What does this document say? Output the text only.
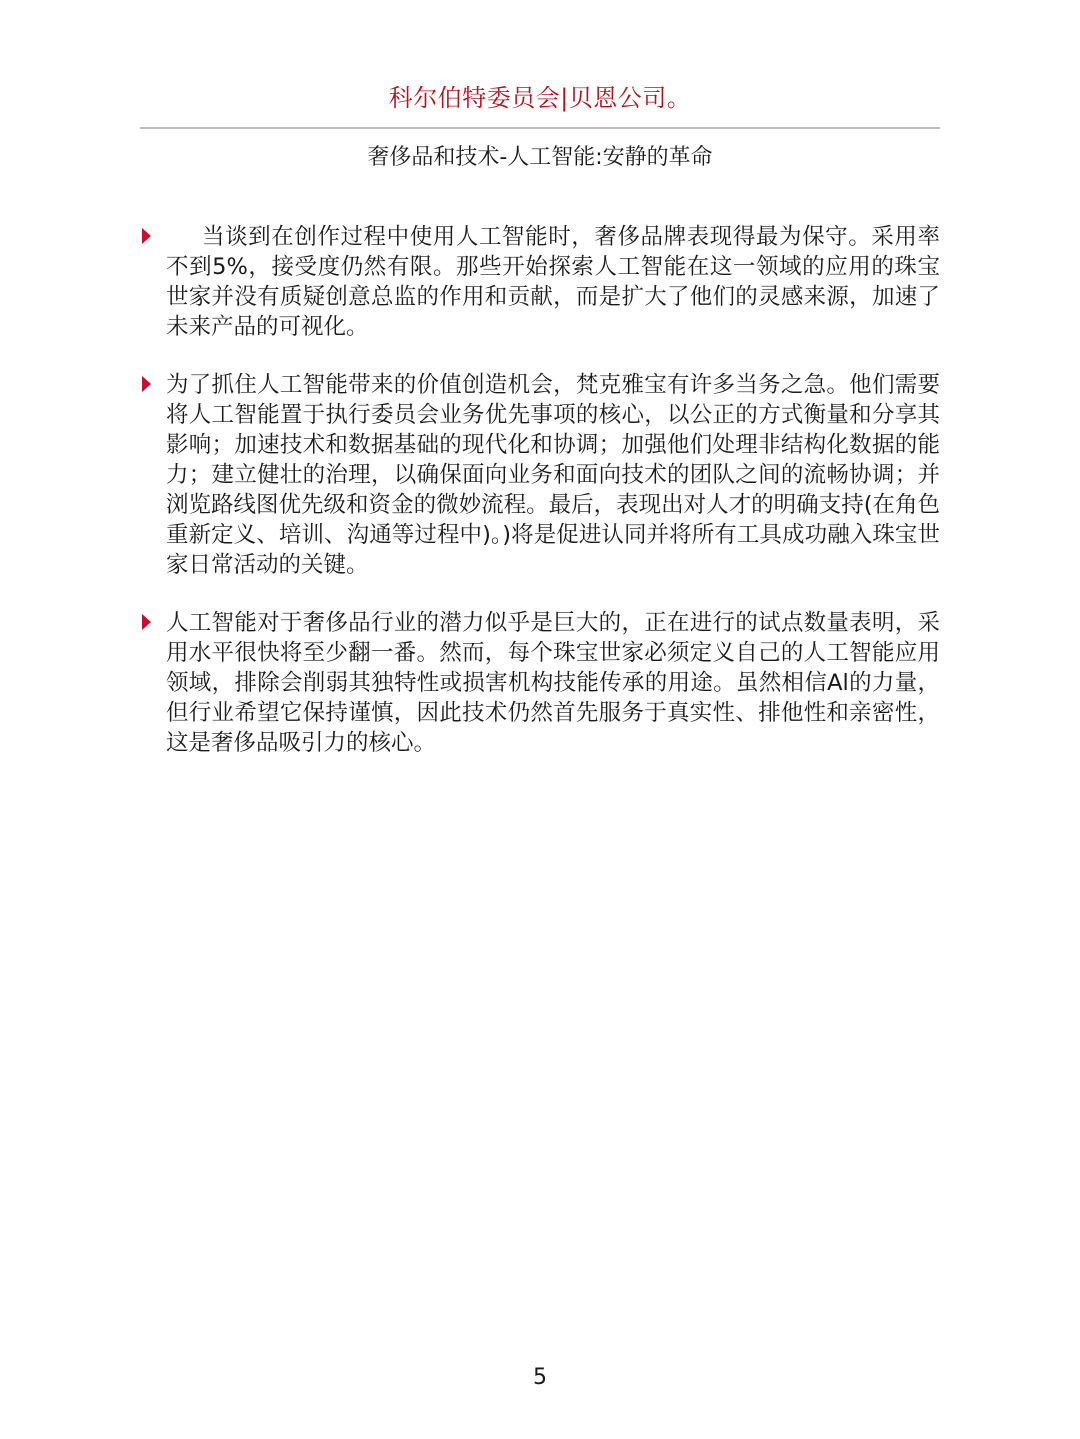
科尔伯特委员会|贝恩公司。
奢侈品和技术-人工智能:安静的革命

当谈到在创作过程中使用人工智能时，奢侈品牌表现得最为保守。采用率不到5%，接受度仍然有限。那些开始探索人工智能在这一领域的应用的珠宝世家并没有质疑创意总监的作用和贡献，而是扩大了他们的灵感来源，加速了未来产品的可视化。

为了抓住人工智能带来的价值创造机会，梵克雅宝有许多当务之急。他们需要将人工智能置于执行委员会业务优先事项的核心，以公正的方式衡量和分享其影响；加速技术和数据基础的现代化和协调；加强他们处理非结构化数据的能力；建立健壮的治理，以确保面向业务和面向技术的团队之间的流畅协调；并浏览路线图优先级和资金的微妙流程。最后，表现出对人才的明确支持(在角色重新定义、培训、沟通等过程中)。)将是促进认同并将所有工具成功融入珠宝世家日常活动的关键。

人工智能对于奢侈品行业的潜力似乎是巨大的，正在进行的试点数量表明，采用水平很快将至少翻一番。然而，每个珠宝世家必须定义自己的人工智能应用领域，排除会削弱其独特性或损害机构技能传承的用途。虽然相信Al的力量，但行业希望它保持谨慎，因此技术仍然首先服务于真实性、排他性和亲密性，这是奢侈品吸引力的核心。

5
